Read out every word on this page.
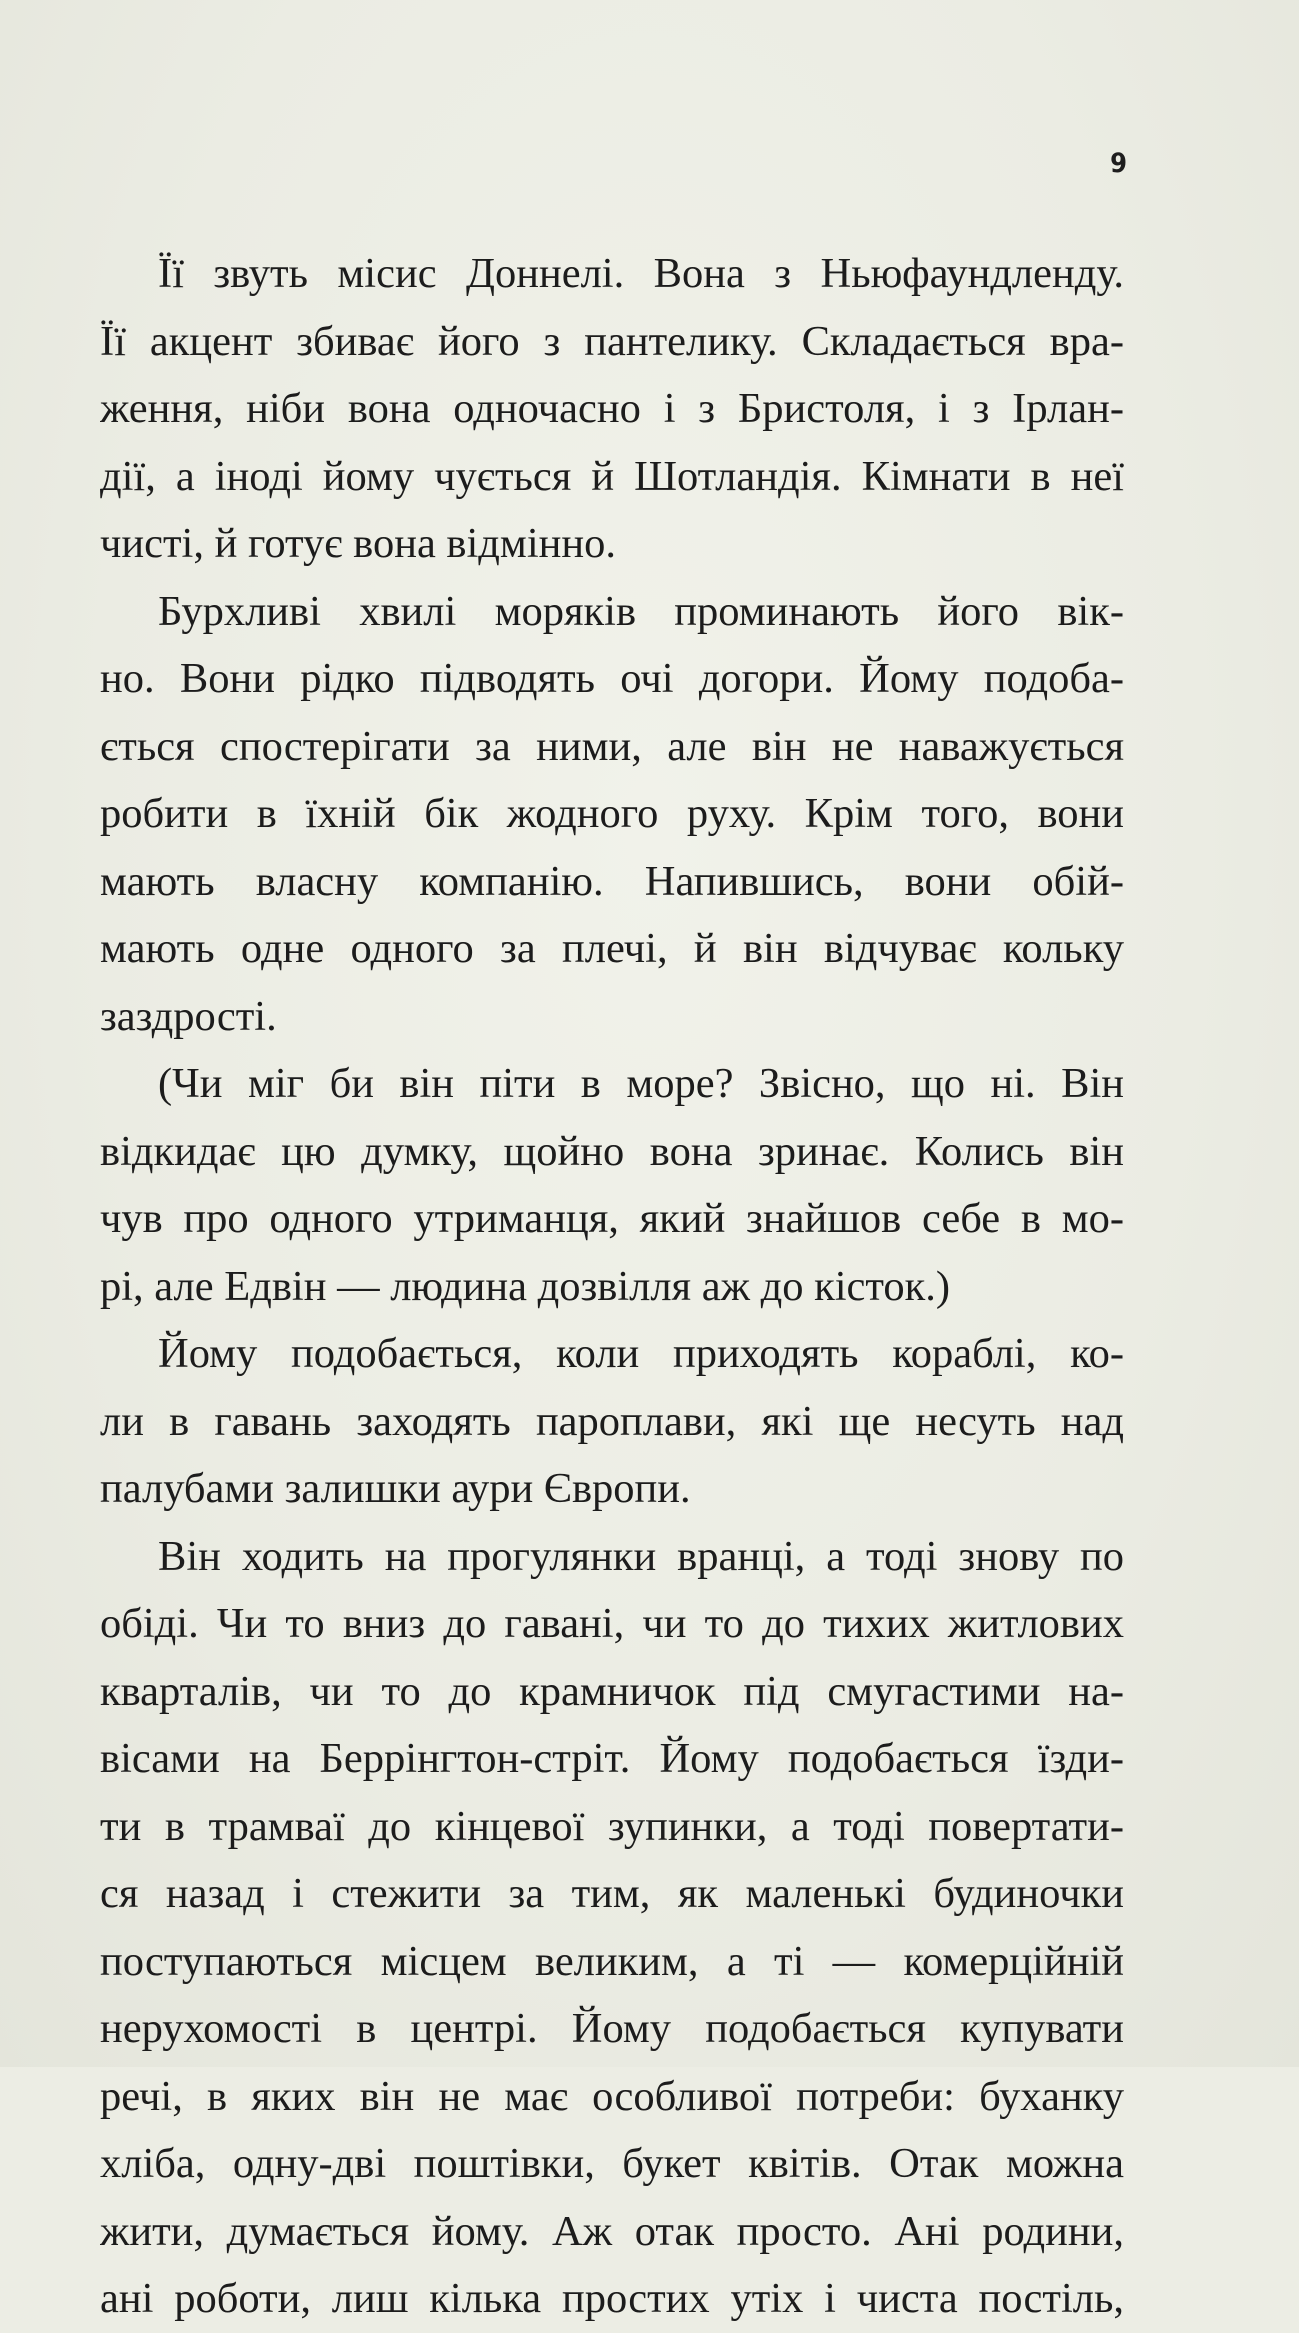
9
Її звуть місис Доннелі. Вона з Ньюфаундленду.
Її акцент збиває його з пантелику. Складається вра-
ження, ніби вона одночасно і з Бристоля, і з Ірлан-
дії, а іноді йому чується й Шотландія. Кімнати в неї
чисті, й готує вона відмінно.
Бурхливі хвилі моряків проминають його вік-
но. Вони рідко підводять очі догори. Йому подоба-
ється спостерігати за ними, але він не наважується
робити в їхній бік жодного руху. Крім того, вони
мають власну компанію. Напившись, вони обій-
мають одне одного за плечі, й він відчуває кольку
заздрості.
(Чи міг би він піти в море? Звісно, що ні. Він
відкидає цю думку, щойно вона зринає. Колись він
чув про одного утриманця, який знайшов себе в мо-
рі, але Едвін — людина дозвілля аж до кісток.)
Йому подобається, коли приходять кораблі, ко-
ли в гавань заходять пароплави, які ще несуть над
палубами залишки аури Європи.
Він ходить на прогулянки вранці, а тоді знову по
обіді. Чи то вниз до гавані, чи то до тихих житлових
кварталів, чи то до крамничок під смугастими на-
вісами на Беррінгтон-стріт. Йому подобається їзди-
ти в трамваї до кінцевої зупинки, а тоді повертати-
ся назад і стежити за тим, як маленькі будиночки
поступаються місцем великим, а ті — комерційній
нерухомості в центрі. Йому подобається купувати
речі, в яких він не має особливої потреби: буханку
хліба, одну-дві поштівки, букет квітів. Отак можна
жити, думається йому. Аж отак просто. Ані родини,
ані роботи, лиш кілька простих утіх і чиста постіль,
